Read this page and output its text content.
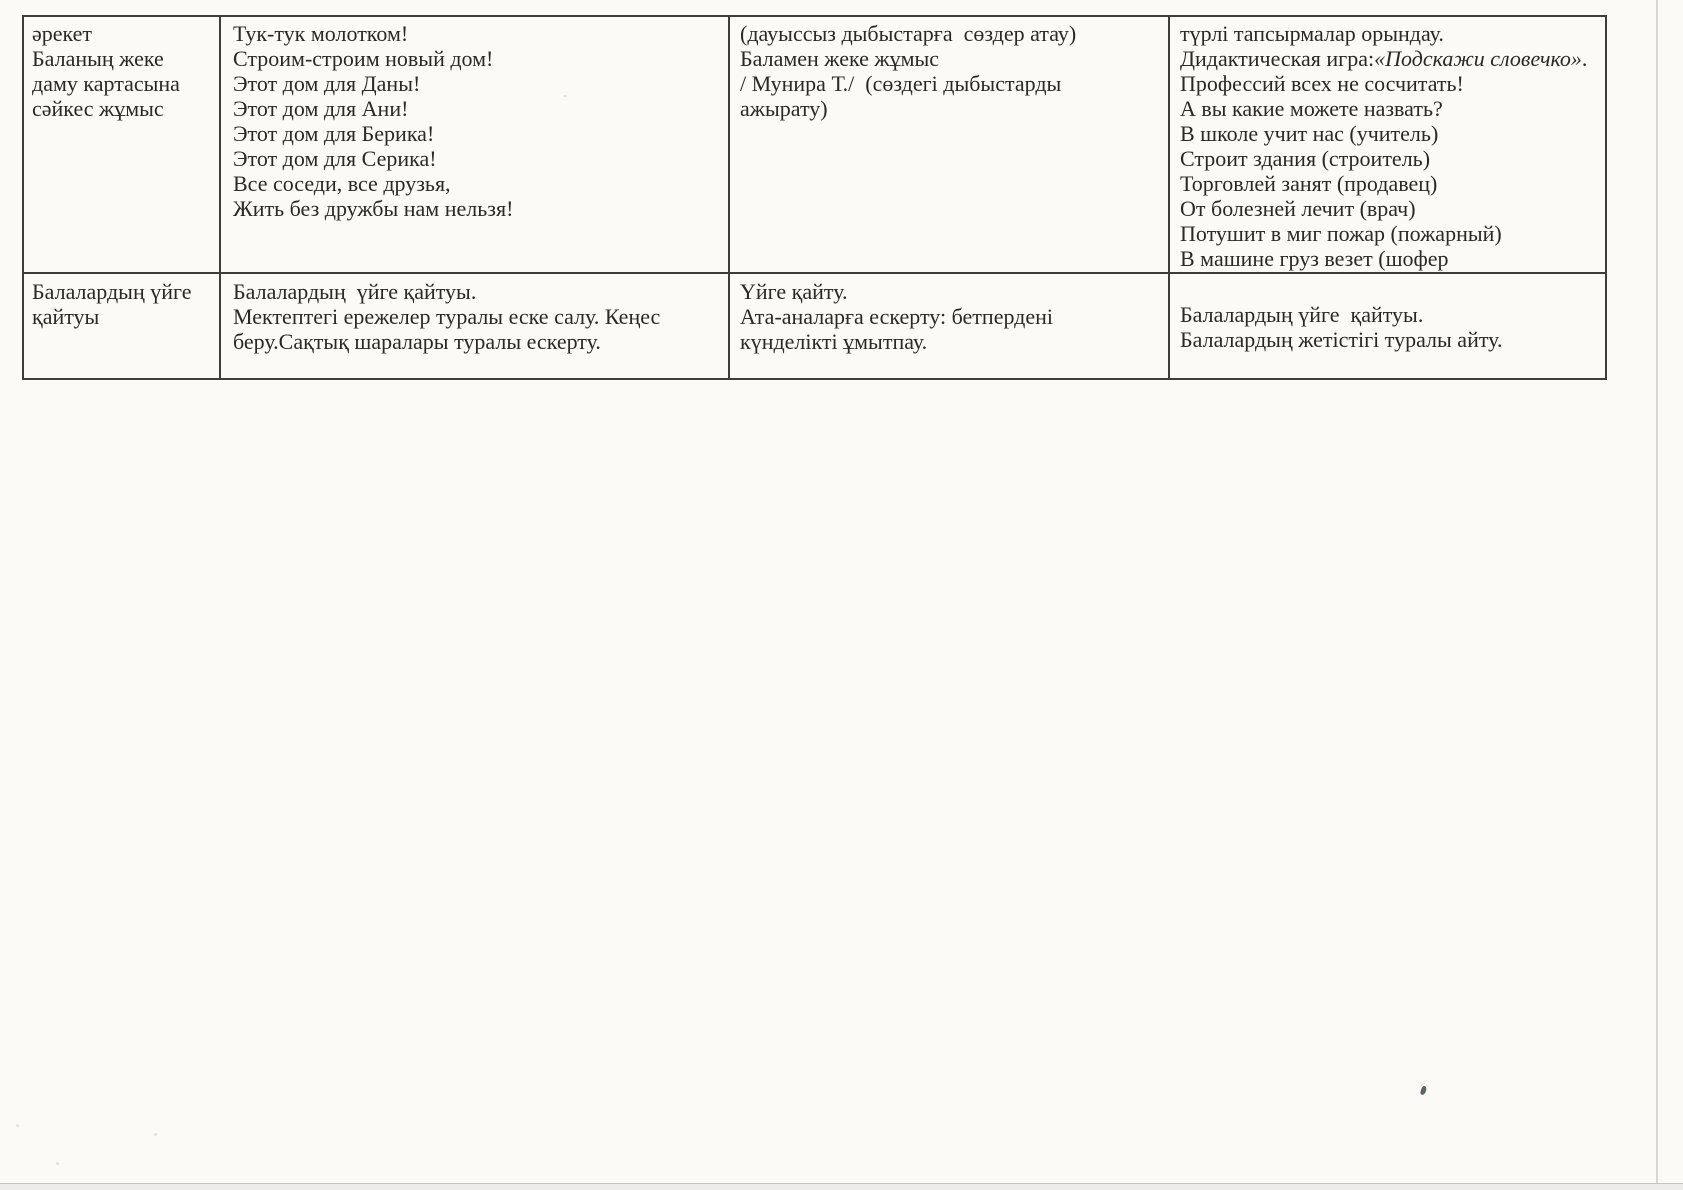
әрекет
Баланың жеке
даму картасына
сәйкес жұмыс
Тук-тук молотком!
Строим-строим новый дом!
Этот дом для Даны!
Этот дом для Ани!
Этот дом для Берика!
Этот дом для Серика!
Все соседи, все друзья,
Жить без дружбы нам нельзя!
(дауыссыз дыбыстарға  сөздер атау)
Баламен жеке жұмыс
/ Мунира Т./  (сөздегі дыбыстарды
ажырату)
түрлі тапсырмалар орындау.
Дидактическая игра:«Подскажи словечко».
Профессий всех не сосчитать!
А вы какие можете назвать?
В школе учит нас (учитель)
Строит здания (строитель)
Торговлей занят (продавец)
От болезней лечит (врач)
Потушит в миг пожар (пожарный)
В машине груз везет (шофер
Балалардың үйге
қайтуы
Балалардың  үйге қайтуы.
Мектептегі ережелер туралы еске салу. Кеңес
беру.Сақтық шаралары туралы ескерту.
Үйге қайту.
Ата-аналарға ескерту: бетпердені
күнделікті ұмытпау.
Балалардың үйге  қайтуы.
Балалардың жетістігі туралы айту.
